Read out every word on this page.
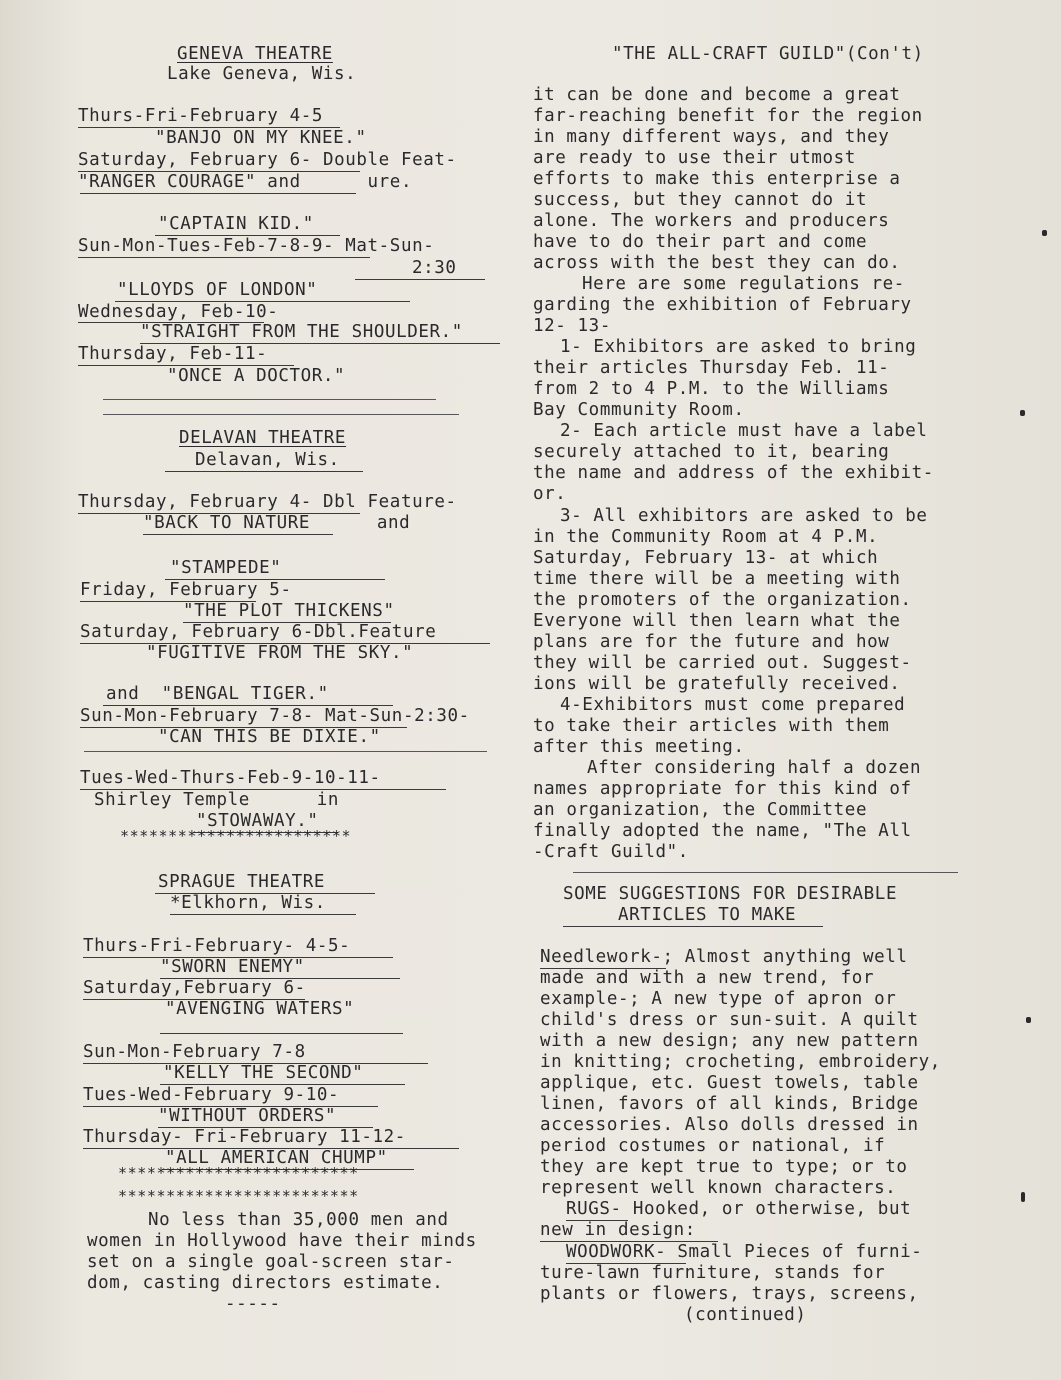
GENEVA THEATRE
Lake Geneva, Wis.
Thurs-Fri-February 4-5
"BANJO ON MY KNEE."
Saturday, February 6- Double Feat-
"RANGER COURAGE" and      ure.
"CAPTAIN KID."
Sun-Mon-Tues-Feb-7-8-9- Mat-Sun-
2:30
"LLOYDS OF LONDON"
Wednesday, Feb-10-
"STRAIGHT FROM THE SHOULDER."
Thursday, Feb-11-
"ONCE A DOCTOR."
DELAVAN THEATRE
Delavan, Wis.
Thursday, February 4- Dbl Feature-
"BACK TO NATURE      and
"STAMPEDE"
Friday, February 5-
"THE PLOT THICKENS"
Saturday, February 6-Dbl.Feature
"FUGITIVE FROM THE SKY."
and  "BENGAL TIGER."
Sun-Mon-February 7-8- Mat-Sun-2:30-
"CAN THIS BE DIXIE."
Tues-Wed-Thurs-Feb-9-10-11-
Shirley Temple      in
"STOWAWAY."
************************
SPRAGUE THEATRE
*Elkhorn, Wis.
Thurs-Fri-February- 4-5-
"SWORN ENEMY"
Saturday,February 6-
"AVENGING WATERS"
Sun-Mon-February 7-8
"KELLY THE SECOND"
Tues-Wed-February 9-10-
"WITHOUT ORDERS"
Thursday- Fri-February 11-12-
"ALL AMERICAN CHUMP"
*************************
*************************
No less than 35,000 men and
women in Hollywood have their minds
set on a single goal-screen star-
dom, casting directors estimate.
-----
"THE ALL-CRAFT GUILD"(Con't)
it can be done and become a great
far-reaching benefit for the region
in many different ways, and they
are ready to use their utmost
efforts to make this enterprise a
success, but they cannot do it
alone. The workers and producers
have to do their part and come
across with the best they can do.
Here are some regulations re-
garding the exhibition of February
12- 13-
1- Exhibitors are asked to bring
their articles Thursday Feb. 11-
from 2 to 4 P.M. to the Williams
Bay Community Room.
2- Each article must have a label
securely attached to it, bearing
the name and address of the exhibit-
or.
3- All exhibitors are asked to be
in the Community Room at 4 P.M.
Saturday, February 13- at which
time there will be a meeting with
the promoters of the organization.
Everyone will then learn what the
plans are for the future and how
they will be carried out. Suggest-
ions will be gratefully received.
4-Exhibitors must come prepared
to take their articles with them
after this meeting.
After considering half a dozen
names appropriate for this kind of
an organization, the Committee
finally adopted the name, "The All
-Craft Guild".
SOME SUGGESTIONS FOR DESIRABLE
ARTICLES TO MAKE
Needlework-; Almost anything well
made and with a new trend, for
example-; A new type of apron or
child's dress or sun-suit. A quilt
with a new design; any new pattern
in knitting; crocheting, embroidery,
applique, etc. Guest towels, table
linen, favors of all kinds, Bridge
accessories. Also dolls dressed in
period costumes or national, if
they are kept true to type; or to
represent well known characters.
RUGS- Hooked, or otherwise, but
new in design:
WOODWORK- Small Pieces of furni-
ture-lawn furniture, stands for
plants or flowers, trays, screens,
(continued)
